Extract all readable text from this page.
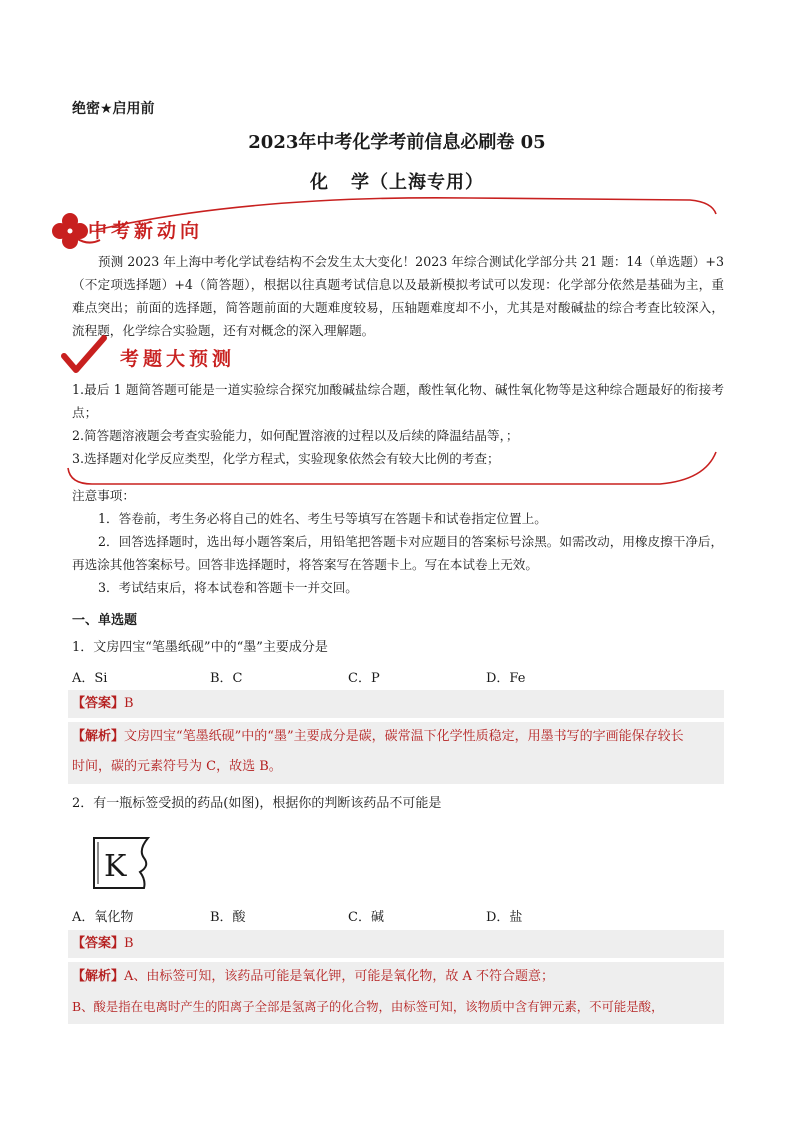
绝密★启用前
2023年中考化学考前信息必刷卷 05
化 学（上海专用）
中考新动向

预测 2023 年上海中考化学试卷结构不会发生太大变化！2023 年综合测试化学部分共 21 题：14（单选题）+3（不定项选择题）+4（简答题），根据以往真题考试信息以及最新模拟考试可以发现：化学部分依然是基础为主，重难点突出；前面的选择题，简答题前面的大题难度较易，压轴题难度却不小，尤其是对酸碱盐的综合考查比较深入，流程题，化学综合实验题，还有对概念的深入理解题。

考题大预测

1.最后 1 题简答题可能是一道实验综合探究加酸碱盐综合题，酸性氧化物、碱性氧化物等是这种综合题最好的衔接考点；

2.简答题溶液题会考查实验能力，如何配置溶液的过程以及后续的降温结晶等，；

3.选择题对化学反应类型，化学方程式，实验现象依然会有较大比例的考查；

注意事项：

1．答卷前，考生务必将自己的姓名、考生号等填写在答题卡和试卷指定位置上。

2．回答选择题时，选出每小题答案后，用铅笔把答题卡对应题目的答案标号涂黑。如需改动，用橡皮擦干净后，再选涂其他答案标号。回答非选择题时，将答案写在答题卡上。写在本试卷上无效。

3．考试结束后，将本试卷和答题卡一并交回。

一、单选题
1．文房四宝“笔墨纸砚”中的“墨”主要成分是
A．Si	B．C	C．P	D．Fe
【答案】B
【解析】文房四宝“笔墨纸砚”中的“墨”主要成分是碳，碳常温下化学性质稳定，用墨书写的字画能保存较长
时间，碳的元素符号为 C，故选 B。
2．有一瓶标签受损的药品(如图)，根据你的判断该药品不可能是
K
A．氧化物	B．酸	C．碱	D．盐
【答案】B
【解析】A、由标签可知，该药品可能是氧化钾，可能是氧化物，故 A 不符合题意；
B、酸是指在电离时产生的阳离子全部是氢离子的化合物，由标签可知，该物质中含有钾元素，不可能是酸，
